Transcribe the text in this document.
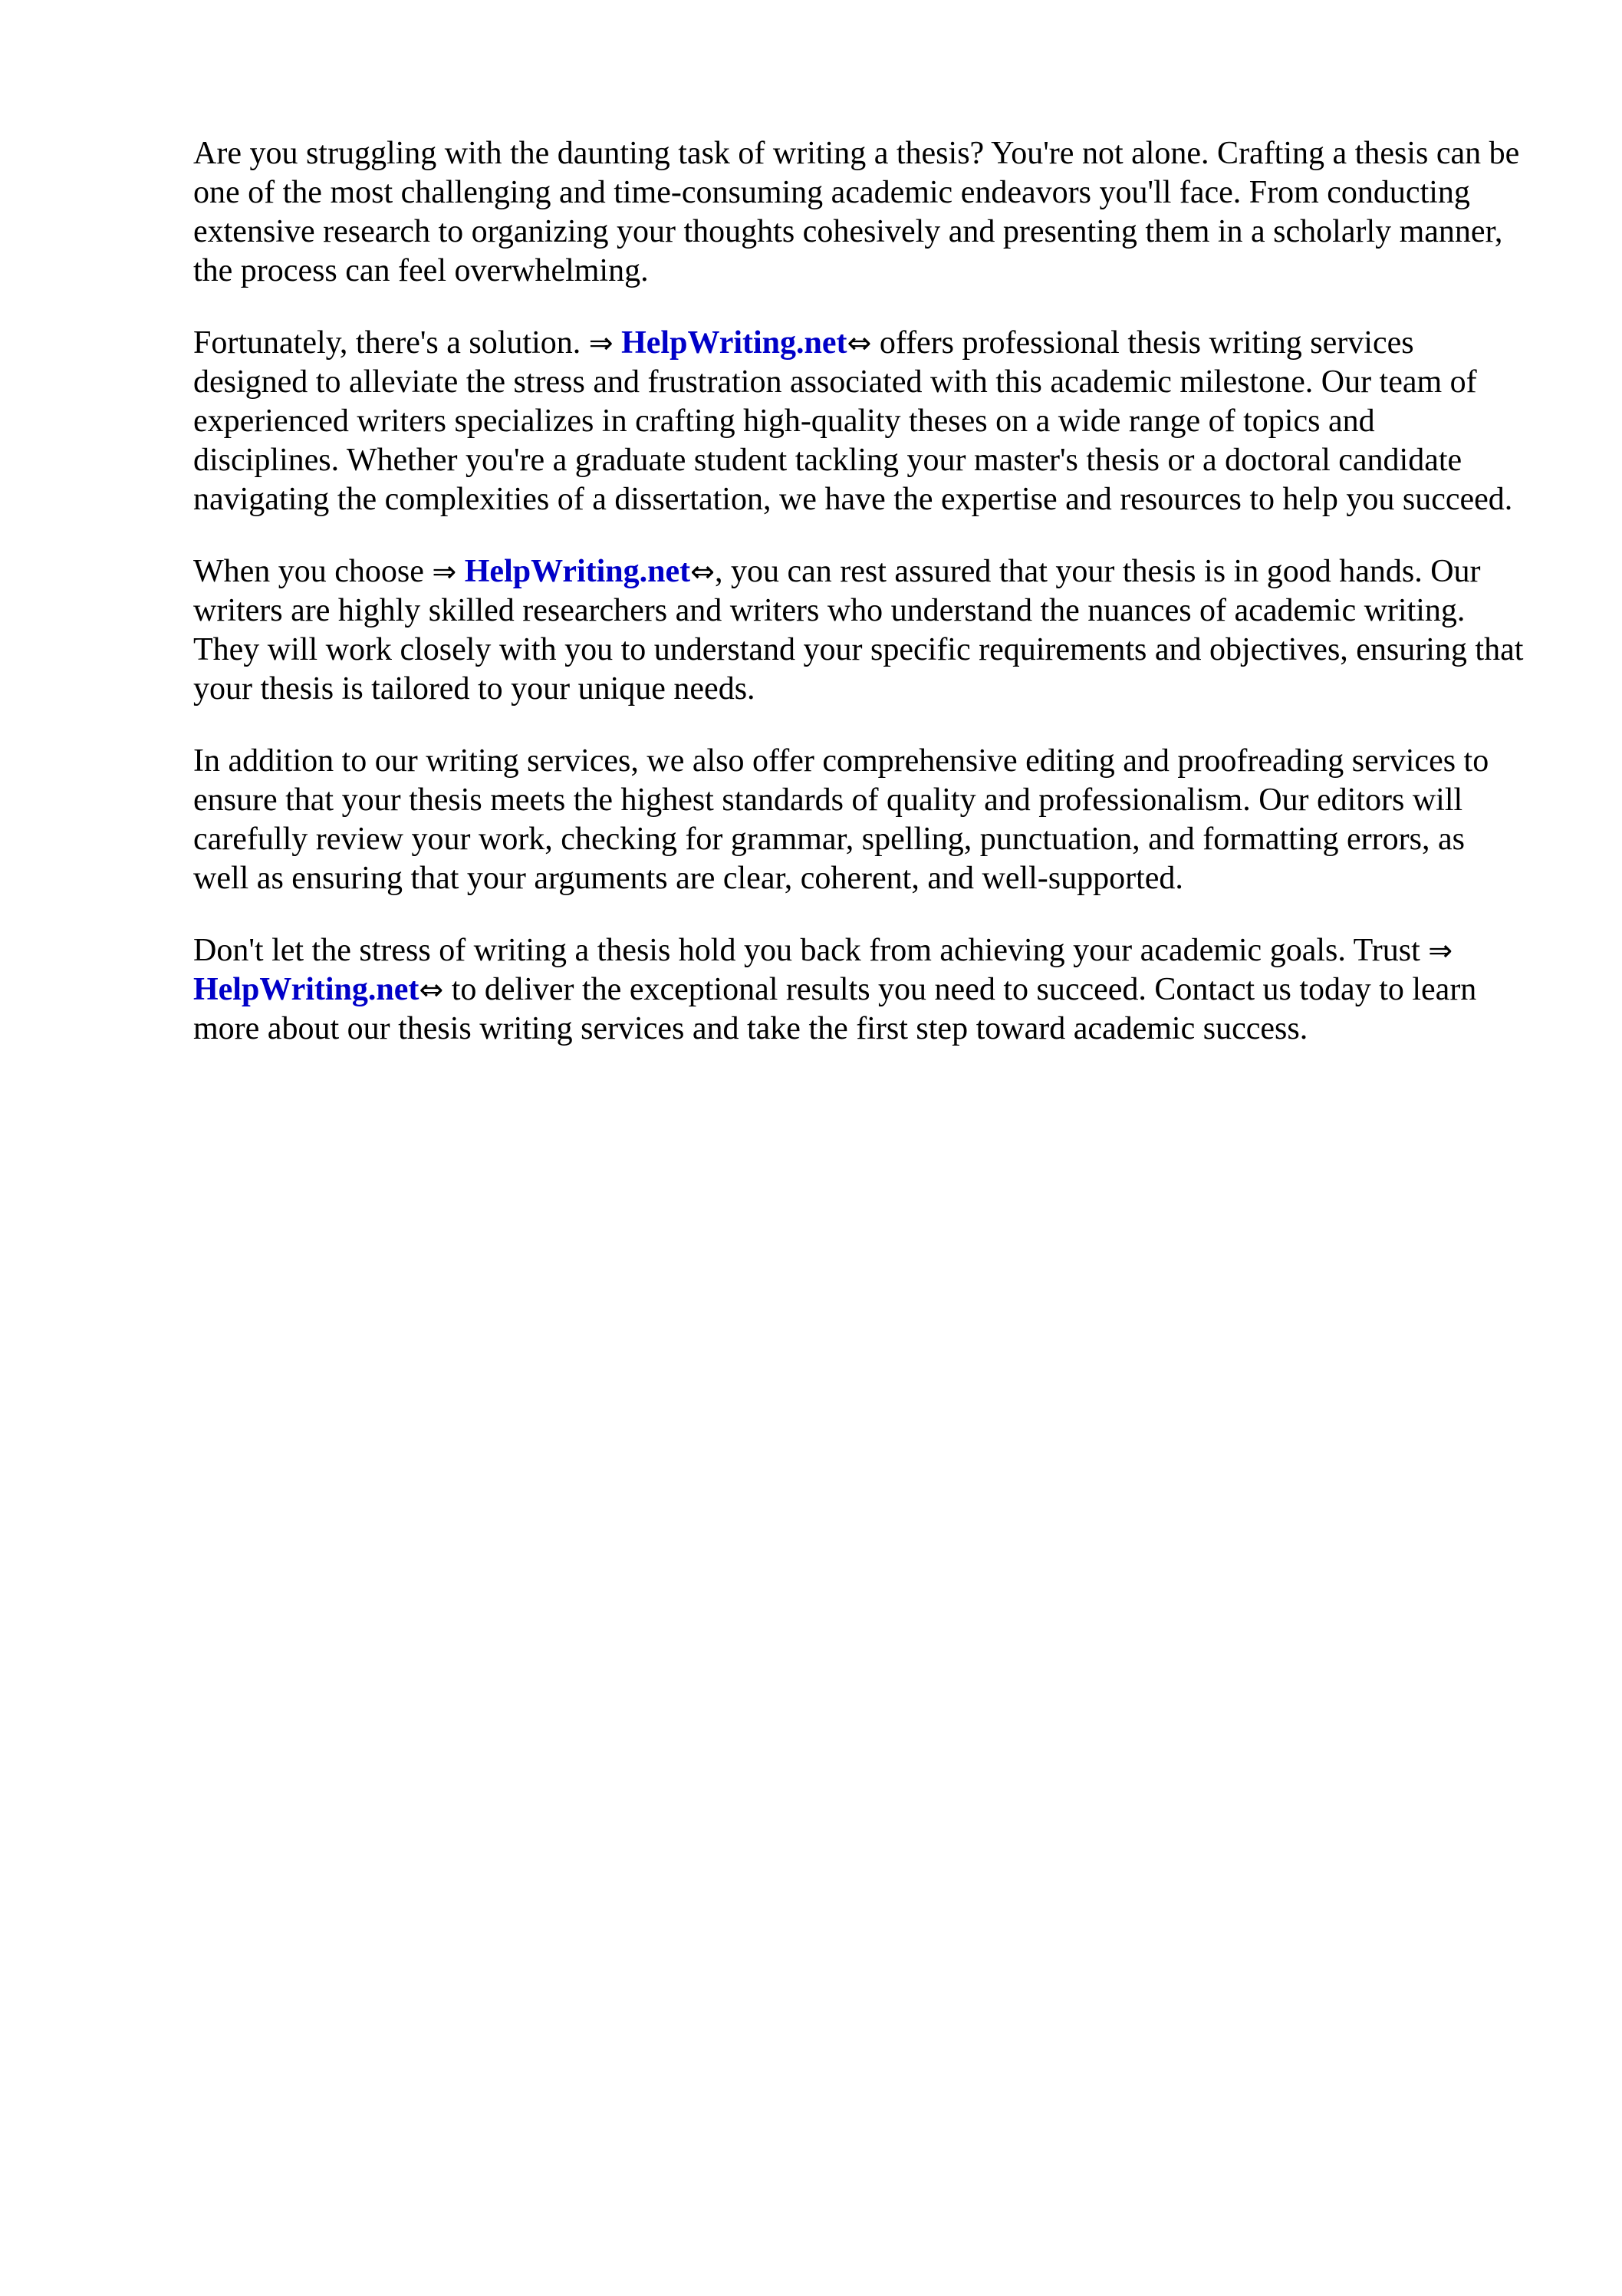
Are you struggling with the daunting task of writing a thesis? You're not alone. Crafting a thesis can be one of the most challenging and time-consuming academic endeavors you'll face. From conducting extensive research to organizing your thoughts cohesively and presenting them in a scholarly manner, the process can feel overwhelming.

Fortunately, there's a solution. ⇒ HelpWriting.net⇔ offers professional thesis writing services designed to alleviate the stress and frustration associated with this academic milestone. Our team of experienced writers specializes in crafting high-quality theses on a wide range of topics and disciplines. Whether you're a graduate student tackling your master's thesis or a doctoral candidate navigating the complexities of a dissertation, we have the expertise and resources to help you succeed.

When you choose ⇒ HelpWriting.net⇔, you can rest assured that your thesis is in good hands. Our writers are highly skilled researchers and writers who understand the nuances of academic writing. They will work closely with you to understand your specific requirements and objectives, ensuring that your thesis is tailored to your unique needs.

In addition to our writing services, we also offer comprehensive editing and proofreading services to ensure that your thesis meets the highest standards of quality and professionalism. Our editors will carefully review your work, checking for grammar, spelling, punctuation, and formatting errors, as well as ensuring that your arguments are clear, coherent, and well-supported.

Don't let the stress of writing a thesis hold you back from achieving your academic goals. Trust ⇒ HelpWriting.net⇔ to deliver the exceptional results you need to succeed. Contact us today to learn more about our thesis writing services and take the first step toward academic success.
